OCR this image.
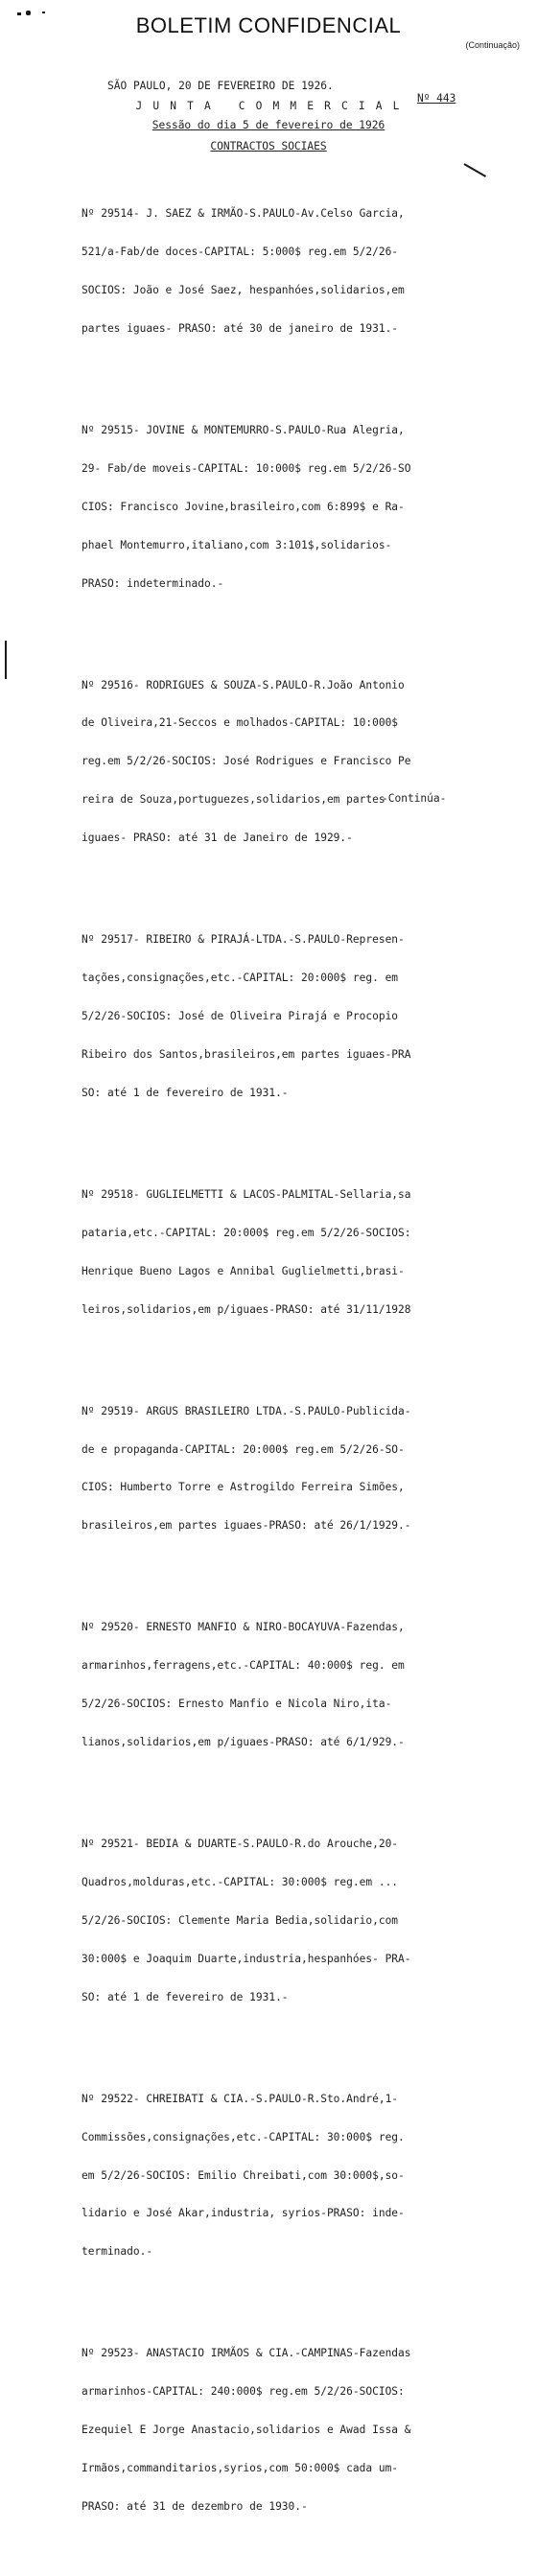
BOLETIM CONFIDENCIAL
(Continuação)
SÃO PAULO, 20 DE FEVEREIRO DE 1926.

Nº 443

J U N T A   C O M M E R C I A L
Sessão do dia 5 de fevereiro de 1926
CONTRACTOS SOCIAES

Nº 29514- J. SAEZ & IRMÃO-S.PAULO-Av.Celso Garcia,

521/a-Fab/de doces-CAPITAL: 5:000$ reg.em 5/2/26-

SOCIOS: João e José Saez, hespanhóes,solidarios,em

partes iguaes- PRASO: até 30 de janeiro de 1931.-

Nº 29515- JOVINE & MONTEMURRO-S.PAULO-Rua Alegria,

29- Fab/de moveis-CAPITAL: 10:000$ reg.em 5/2/26-SO

CIOS: Francisco Jovine,brasileiro,com 6:899$ e Ra-

phael Montemurro,italiano,com 3:101$,solidarios-

PRASO: indeterminado.-

Nº 29516- RODRIGUES & SOUZA-S.PAULO-R.João Antonio

de Oliveira,21-Seccos e molhados-CAPITAL: 10:000$

reg.em 5/2/26-SOCIOS: José Rodrigues e Francisco Pe

reira de Souza,portuguezes,solidarios,em partes

iguaes- PRASO: até 31 de Janeiro de 1929.-

Nº 29517- RIBEIRO & PIRAJÁ-LTDA.-S.PAULO-Represen-

tações,consignações,etc.-CAPITAL: 20:000$ reg. em

5/2/26-SOCIOS: José de Oliveira Pirajá e Procopio

Ribeiro dos Santos,brasileiros,em partes iguaes-PRA

SO: até 1 de fevereiro de 1931.-

Nº 29518- GUGLIELMETTI & LACOS-PALMITAL-Sellaria,sa

pataria,etc.-CAPITAL: 20:000$ reg.em 5/2/26-SOCIOS:

Henrique Bueno Lagos e Annibal Guglielmetti,brasi-

leiros,solidarios,em p/iguaes-PRASO: até 31/11/1928

Nº 29519- ARGUS BRASILEIRO LTDA.-S.PAULO-Publicida-

de e propaganda-CAPITAL: 20:000$ reg.em 5/2/26-SO-

CIOS: Humberto Torre e Astrogildo Ferreira Simões,

brasileiros,em partes iguaes-PRASO: até 26/1/1929.-

Nº 29520- ERNESTO MANFIO & NIRO-BOCAYUVA-Fazendas,

armarinhos,ferragens,etc.-CAPITAL: 40:000$ reg. em

5/2/26-SOCIOS: Ernesto Manfio e Nicola Niro,ita-

lianos,solidarios,em p/iguaes-PRASO: até 6/1/929.-

Nº 29521- BEDIA & DUARTE-S.PAULO-R.do Arouche,20-

Quadros,molduras,etc.-CAPITAL: 30:000$ reg.em ...

5/2/26-SOCIOS: Clemente Maria Bedia,solidario,com

30:000$ e Joaquim Duarte,industria,hespanhóes- PRA-

SO: até 1 de fevereiro de 1931.-

Nº 29522- CHREIBATI & CIA.-S.PAULO-R.Sto.André,1-

Commissões,consignações,etc.-CAPITAL: 30:000$ reg.

em 5/2/26-SOCIOS: Emilio Chreibati,com 30:000$,so-

lidario e José Akar,industria, syrios-PRASO: inde-

terminado.-

Nº 29523- ANASTACIO IRMÃOS & CIA.-CAMPINAS-Fazendas

armarinhos-CAPITAL: 240:000$ reg.em 5/2/26-SOCIOS:

Ezequiel E Jorge Anastacio,solidarios e Awad Issa &

Irmãos,commanditarios,syrios,com 50:000$ cada um-

PRASO: até 31 de dezembro de 1930.-

-Continúa-
